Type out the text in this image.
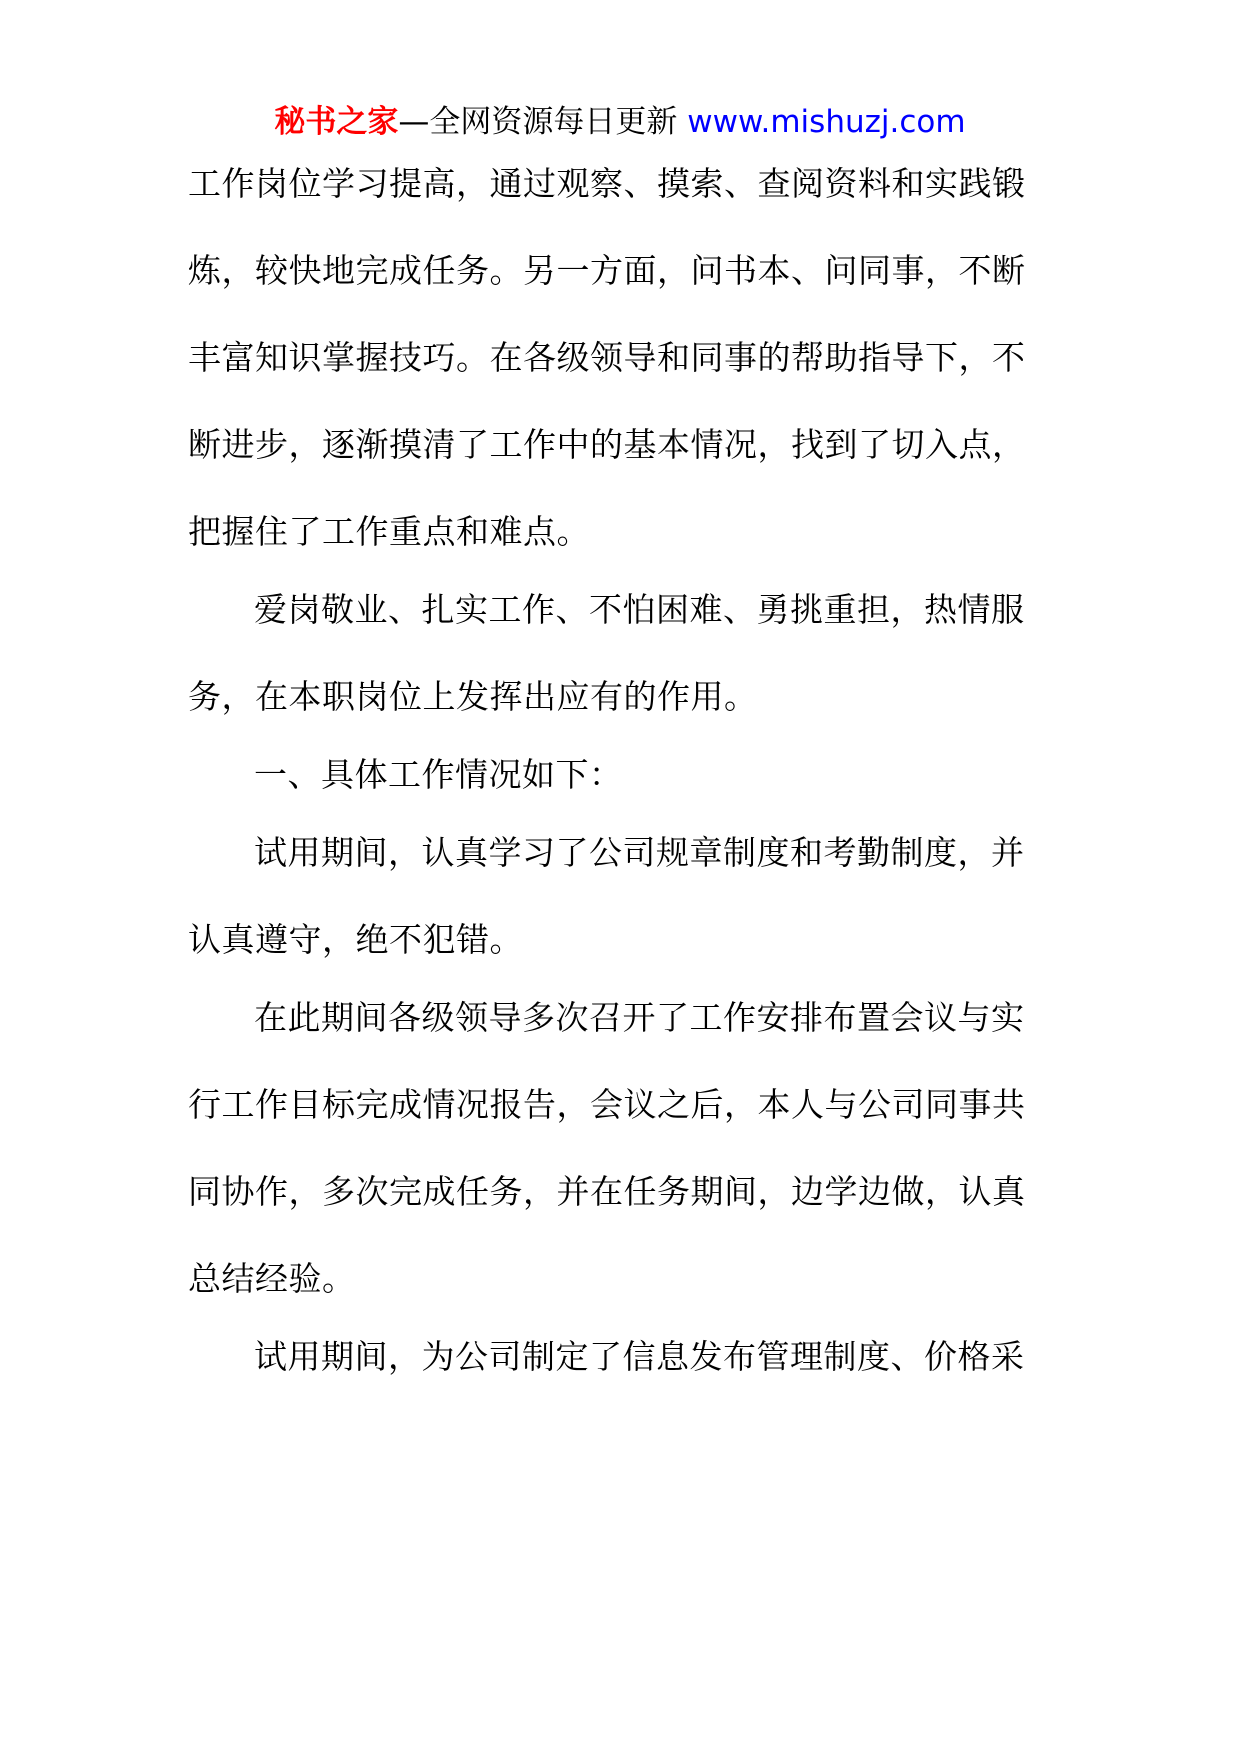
秘书之家—全网资源每日更新 www.mishuzj.com
工作岗位学习提高，通过观察、摸索、查阅资料和实践锻
炼，较快地完成任务。另一方面，问书本、问同事，不断
丰富知识掌握技巧。在各级领导和同事的帮助指导下，不
断进步，逐渐摸清了工作中的基本情况，找到了切入点，
把握住了工作重点和难点。
爱岗敬业、扎实工作、不怕困难、勇挑重担，热情服
务，在本职岗位上发挥出应有的作用。
一、具体工作情况如下：
试用期间，认真学习了公司规章制度和考勤制度，并
认真遵守，绝不犯错。
在此期间各级领导多次召开了工作安排布置会议与实
行工作目标完成情况报告，会议之后，本人与公司同事共
同协作，多次完成任务，并在任务期间，边学边做，认真
总结经验。
试用期间，为公司制定了信息发布管理制度、价格采
